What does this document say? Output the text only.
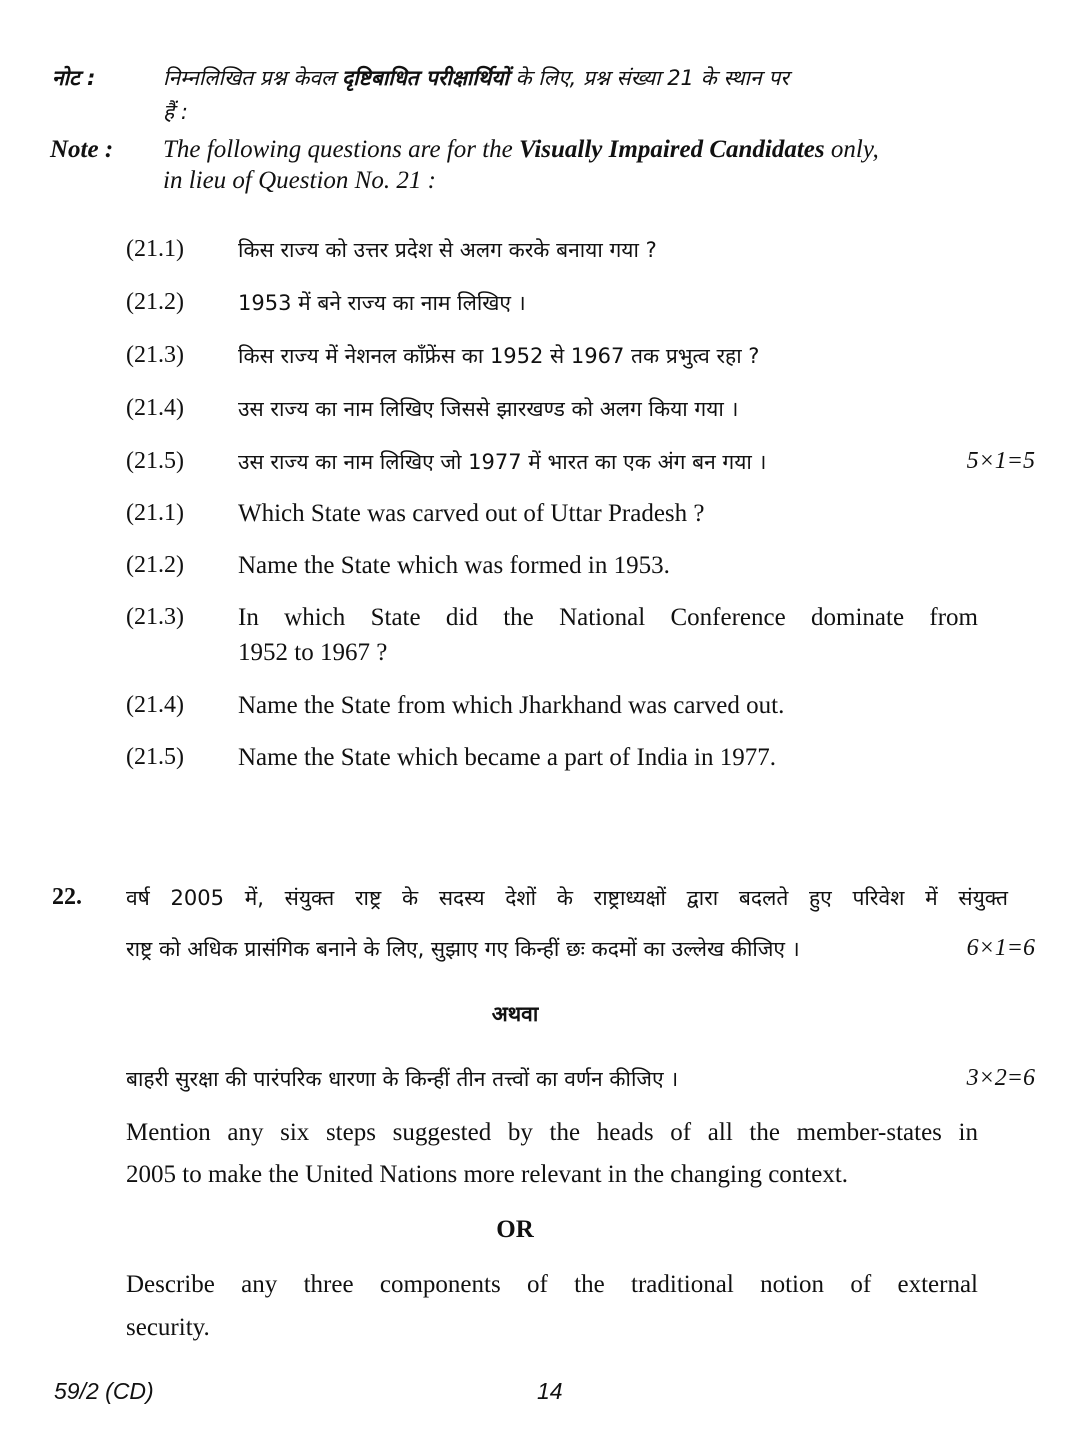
नोट :	निम्नलिखित प्रश्न केवल दृष्टिबाधित परीक्षार्थियों के लिए, प्रश्न संख्या 21 के स्थान पर
हैं :
Note : The following questions are for the Visually Impaired Candidates only,
in lieu of Question No. 21 :
(21.1)	किस राज्य को उत्तर प्रदेश से अलग करके बनाया गया ?
(21.2)	1953 में बने राज्य का नाम लिखिए ।
(21.3)	किस राज्य में नेशनल कॉंफ्रेंस का 1952 से 1967 तक प्रभुत्व रहा ?
(21.4)	उस राज्य का नाम लिखिए जिससे झारखण्ड को अलग किया गया ।
(21.5)	उस राज्य का नाम लिखिए जो 1977 में भारत का एक अंग बन गया ।	5×1=5
(21.1) Which State was carved out of Uttar Pradesh ?
(21.2) Name the State which was formed in 1953.
(21.3) In which State did the National Conference dominate from
1952 to 1967 ?
(21.4) Name the State from which Jharkhand was carved out.
(21.5) Name the State which became a part of India in 1977.
22. वर्ष 2005 में, संयुक्त राष्ट्र के सदस्य देशों के राष्ट्राध्यक्षों द्वारा बदलते हुए परिवेश में संयुक्त
राष्ट्र को अधिक प्रासंगिक बनाने के लिए, सुझाए गए किन्हीं छः कदमों का उल्लेख कीजिए ।	6×1=6
अथवा
बाहरी सुरक्षा की पारंपरिक धारणा के किन्हीं तीन तत्त्वों का वर्णन कीजिए ।	3×2=6
Mention any six steps suggested by the heads of all the member-states in
2005 to make the United Nations more relevant in the changing context.
OR
Describe any three components of the traditional notion of external
security.
59/2 (CD)	14
